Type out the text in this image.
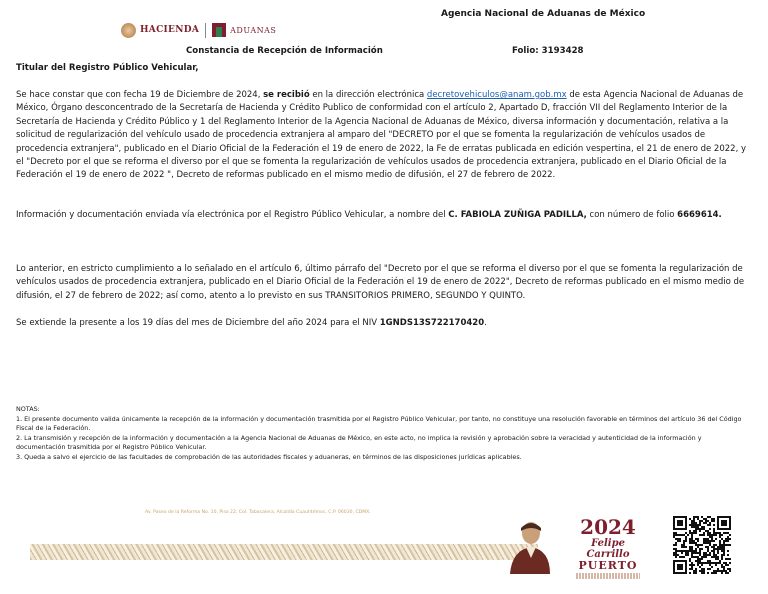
Agencia Nacional de Aduanas de México
HACIENDA	ADUANAS
Constancia de Recepción de Información	Folio: 3193428
Titular del Registro Público Vehicular,

Se hace constar que con fecha 19 de Diciembre de 2024, se recibió en la dirección electrónica decretovehiculos@anam.gob.mx de esta Agencia Nacional de Aduanas de México, Órgano desconcentrado de la Secretaría de Hacienda y Crédito Publico de conformidad con el artículo 2, Apartado D, fracción VII del Reglamento Interior de la Secretaría de Hacienda y Crédito Público y 1 del Reglamento Interior de la Agencia Nacional de Aduanas de México, diversa información y documentación, relativa a la solicitud de regularización del vehículo usado de procedencia extranjera al amparo del "DECRETO por el que se fomenta la regularización de vehículos usados de procedencia extranjera", publicado en el Diario Oficial de la Federación el 19 de enero de 2022, la Fe de erratas publicada en edición vespertina, el 21 de enero de 2022, y el "Decreto por el que se reforma el diverso por el que se fomenta la regularización de vehículos usados de procedencia extranjera, publicado en el Diario Oficial de la Federación el 19 de enero de 2022 ", Decreto de reformas publicado en el mismo medio de difusión, el 27 de febrero de 2022.

Información y documentación enviada vía electrónica por el Registro Público Vehicular, a nombre del C. FABIOLA ZUÑIGA PADILLA, con número de folio 6669614.

Lo anterior, en estricto cumplimiento a lo señalado en el artículo 6, último párrafo del "Decreto por el que se reforma el diverso por el que se fomenta la regularización de vehículos usados de procedencia extranjera, publicado en el Diario Oficial de la Federación el 19 de enero de 2022", Decreto de reformas publicado en el mismo medio de difusión, el 27 de febrero de 2022; así como, atento a lo previsto en sus TRANSITORIOS PRIMERO, SEGUNDO Y QUINTO.

Se extiende la presente a los 19 días del mes de Diciembre del año 2024 para el NIV 1GNDS13S722170420.

NOTAS:
1. El presente documento valida únicamente la recepción de la información y documentación trasmitida por el Registro Público Vehicular, por tanto, no constituye una resolución favorable en términos del artículo 36 del Código Fiscal de la Federación.
2. La transmisión y recepción de la información y documentación a la Agencia Nacional de Aduanas de México, en este acto, no implica la revisión y aprobación sobre la veracidad y autenticidad de la información y documentación trasmitida por el Registro Público Vehicular.
3. Queda a salvo el ejercicio de las facultades de comprobación de las autoridades fiscales y aduaneras, en términos de las disposiciones jurídicas aplicables.
Av. Paseo de la Reforma No. 10, Piso 22, Col. Tabacalera, Alcaldía Cuauhtémoc, C.P. 06030, CDMX.
2024
Felipe Carrillo
PUERTO
